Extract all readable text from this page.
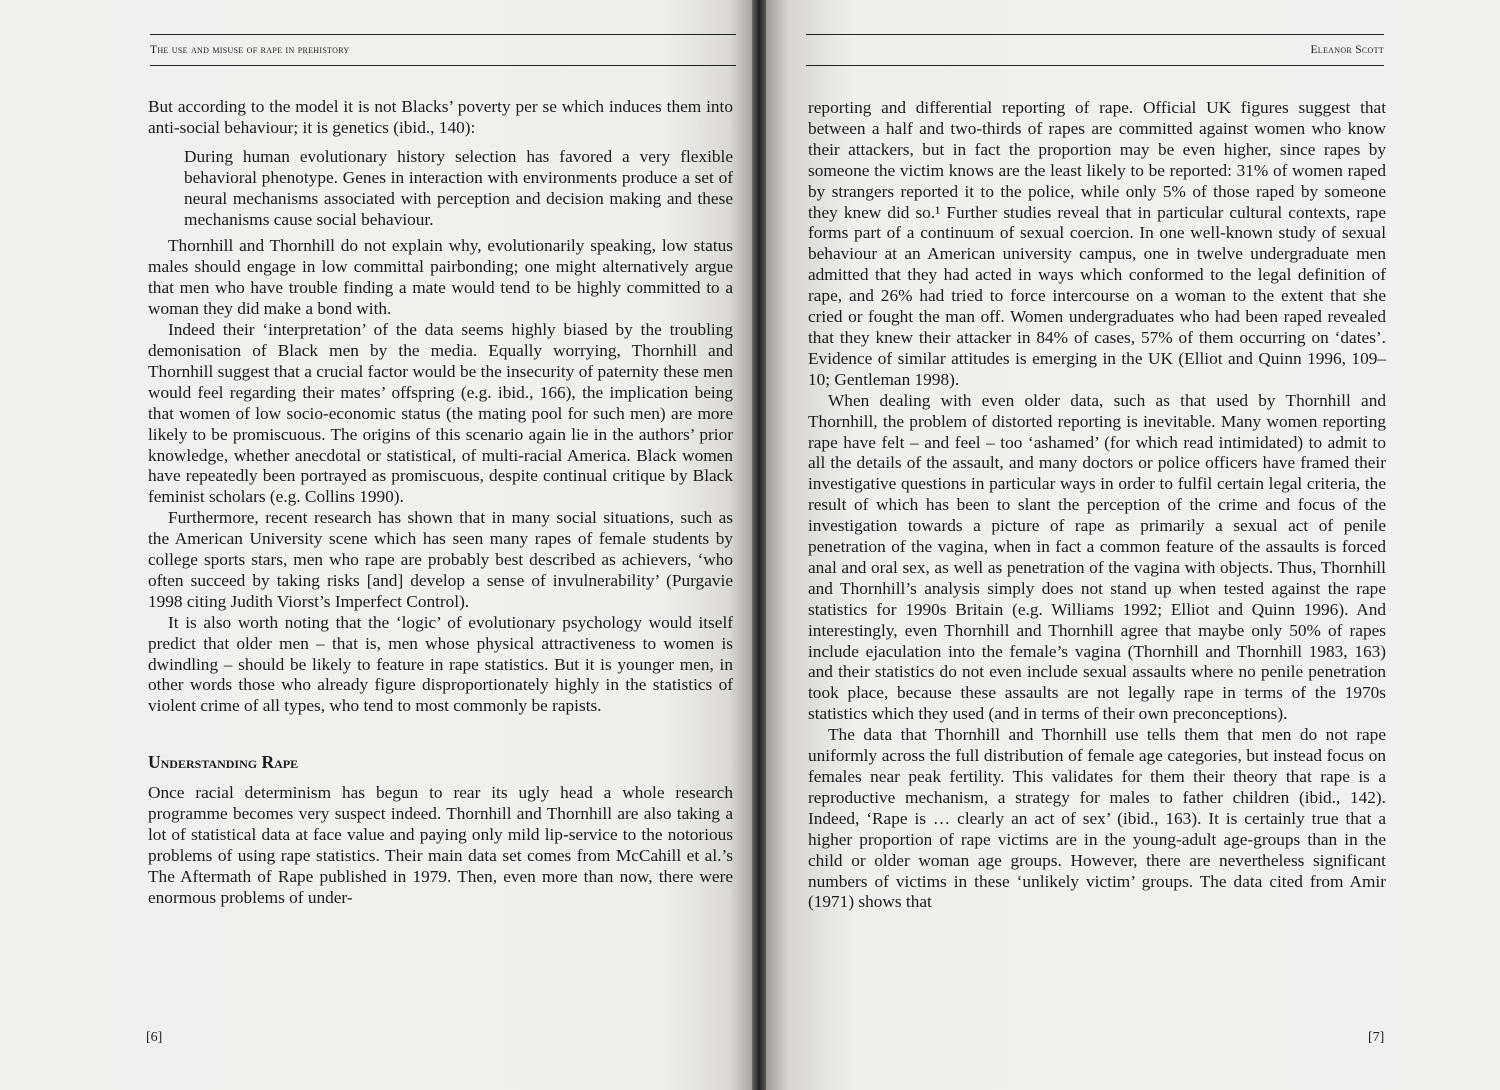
The use and misuse of rape in prehistory

But according to the model it is not Blacks’ poverty per se which induces them into anti-social behaviour; it is genetics (ibid., 140):

During human evolutionary history selection has favored a very flexible behavioral phenotype. Genes in interaction with environments produce a set of neural mechanisms associated with perception and decision making and these mechanisms cause social behaviour.

Thornhill and Thornhill do not explain why, evolutionarily speaking, low status males should engage in low committal pairbonding; one might alternatively argue that men who have trouble finding a mate would tend to be highly committed to a woman they did make a bond with.

Indeed their ‘interpretation’ of the data seems highly biased by the troubling demonisation of Black men by the media. Equally worrying, Thornhill and Thornhill suggest that a crucial factor would be the insecurity of paternity these men would feel regarding their mates’ offspring (e.g. ibid., 166), the implication being that women of low socio-economic status (the mating pool for such men) are more likely to be promiscuous. The origins of this scenario again lie in the authors’ prior knowledge, whether anecdotal or statistical, of multi-racial America. Black women have repeatedly been portrayed as promiscuous, despite continual critique by Black feminist scholars (e.g. Collins 1990).

Furthermore, recent research has shown that in many social situations, such as the American University scene which has seen many rapes of female students by college sports stars, men who rape are probably best described as achievers, ‘who often succeed by taking risks [and] develop a sense of invulnerability’ (Purgavie 1998 citing Judith Viorst’s Imperfect Control).

It is also worth noting that the ‘logic’ of evolutionary psychology would itself predict that older men – that is, men whose physical attractiveness to women is dwindling – should be likely to feature in rape statistics. But it is younger men, in other words those who already figure disproportionately highly in the statistics of violent crime of all types, who tend to most commonly be rapists.

Understanding Rape

Once racial determinism has begun to rear its ugly head a whole research programme becomes very suspect indeed. Thornhill and Thornhill are also taking a lot of statistical data at face value and paying only mild lip-service to the notorious problems of using rape statistics. Their main data set comes from McCahill et al.’s The Aftermath of Rape published in 1979. Then, even more than now, there were enormous problems of under-

[6]
Eleanor Scott

reporting and differential reporting of rape. Official UK figures suggest that between a half and two-thirds of rapes are committed against women who know their attackers, but in fact the proportion may be even higher, since rapes by someone the victim knows are the least likely to be reported: 31% of women raped by strangers reported it to the police, while only 5% of those raped by someone they knew did so.¹ Further studies reveal that in particular cultural contexts, rape forms part of a continuum of sexual coercion. In one well-known study of sexual behaviour at an American university campus, one in twelve undergraduate men admitted that they had acted in ways which conformed to the legal definition of rape, and 26% had tried to force intercourse on a woman to the extent that she cried or fought the man off. Women undergraduates who had been raped revealed that they knew their attacker in 84% of cases, 57% of them occurring on ‘dates’. Evidence of similar attitudes is emerging in the UK (Elliot and Quinn 1996, 109–10; Gentleman 1998).

When dealing with even older data, such as that used by Thornhill and Thornhill, the problem of distorted reporting is inevitable. Many women reporting rape have felt – and feel – too ‘ashamed’ (for which read intimidated) to admit to all the details of the assault, and many doctors or police officers have framed their investigative questions in particular ways in order to fulfil certain legal criteria, the result of which has been to slant the perception of the crime and focus of the investigation towards a picture of rape as primarily a sexual act of penile penetration of the vagina, when in fact a common feature of the assaults is forced anal and oral sex, as well as penetration of the vagina with objects. Thus, Thornhill and Thornhill’s analysis simply does not stand up when tested against the rape statistics for 1990s Britain (e.g. Williams 1992; Elliot and Quinn 1996). And interestingly, even Thornhill and Thornhill agree that maybe only 50% of rapes include ejaculation into the female’s vagina (Thornhill and Thornhill 1983, 163) and their statistics do not even include sexual assaults where no penile penetration took place, because these assaults are not legally rape in terms of the 1970s statistics which they used (and in terms of their own preconceptions).

The data that Thornhill and Thornhill use tells them that men do not rape uniformly across the full distribution of female age categories, but instead focus on females near peak fertility. This validates for them their theory that rape is a reproductive mechanism, a strategy for males to father children (ibid., 142). Indeed, ‘Rape is … clearly an act of sex’ (ibid., 163). It is certainly true that a higher proportion of rape victims are in the young-adult age-groups than in the child or older woman age groups. However, there are nevertheless significant numbers of victims in these ‘unlikely victim’ groups. The data cited from Amir (1971) shows that

[7]
